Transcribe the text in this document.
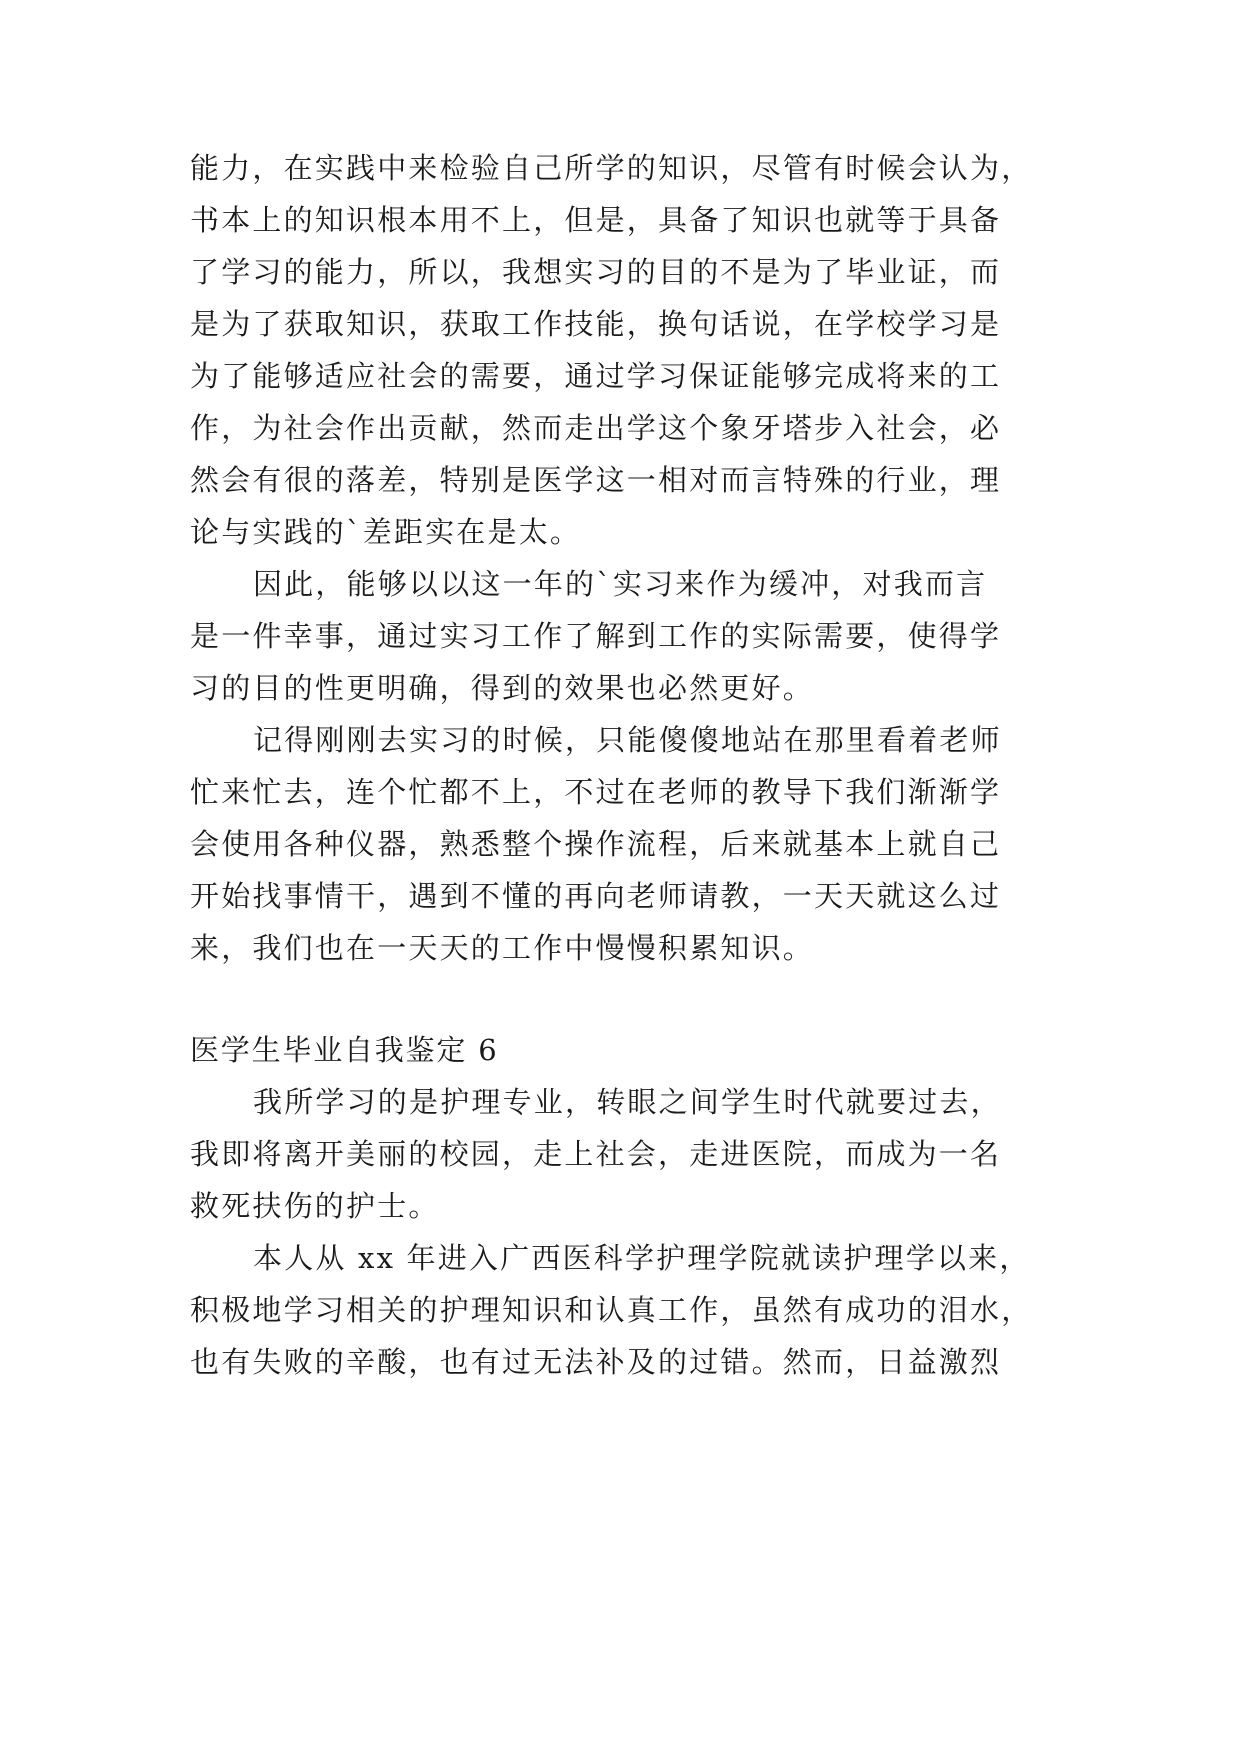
能力，在实践中来检验自己所学的知识，尽管有时候会认为，
书本上的知识根本用不上，但是，具备了知识也就等于具备
了学习的能力，所以，我想实习的目的不是为了毕业证，而
是为了获取知识，获取工作技能，换句话说，在学校学习是
为了能够适应社会的需要，通过学习保证能够完成将来的工
作，为社会作出贡献，然而走出学这个象牙塔步入社会，必
然会有很的落差，特别是医学这一相对而言特殊的行业，理
论与实践的`差距实在是太。
因此，能够以以这一年的`实习来作为缓冲，对我而言
是一件幸事，通过实习工作了解到工作的实际需要，使得学
习的目的性更明确，得到的效果也必然更好。
记得刚刚去实习的时候，只能傻傻地站在那里看着老师
忙来忙去，连个忙都不上，不过在老师的教导下我们渐渐学
会使用各种仪器，熟悉整个操作流程，后来就基本上就自己
开始找事情干，遇到不懂的再向老师请教，一天天就这么过
来，我们也在一天天的工作中慢慢积累知识。
医学生毕业自我鉴定 6
我所学习的是护理专业，转眼之间学生时代就要过去，
我即将离开美丽的校园，走上社会，走进医院，而成为一名
救死扶伤的护士。
本人从 xx 年进入广西医科学护理学院就读护理学以来，
积极地学习相关的护理知识和认真工作，虽然有成功的泪水，
也有失败的辛酸，也有过无法补及的过错。然而，日益激烈
